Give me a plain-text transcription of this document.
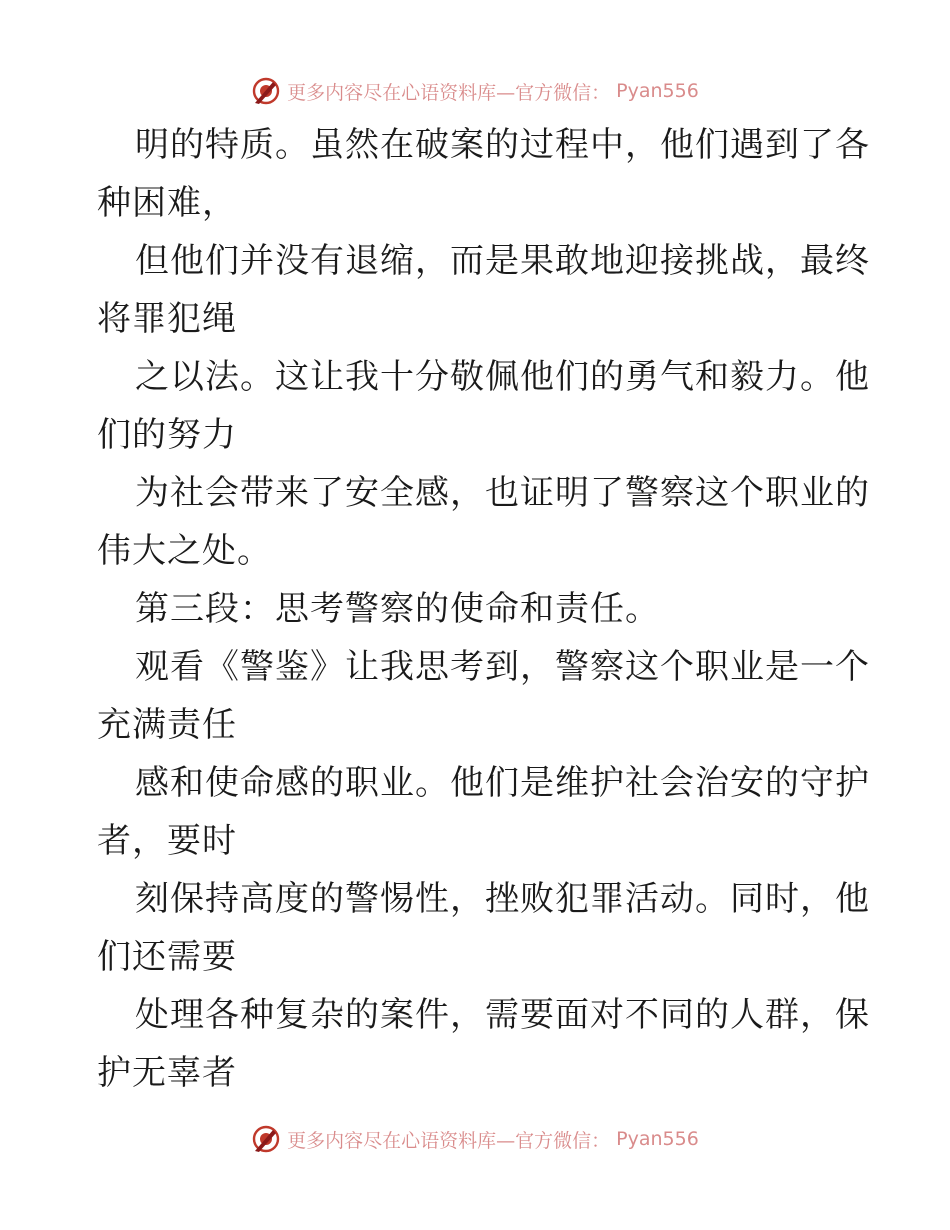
更多内容尽在心语资料库—官方微信： Pyan556
明的特质。虽然在破案的过程中，他们遇到了各
种困难，
但他们并没有退缩，而是果敢地迎接挑战，最终
将罪犯绳
之以法。这让我十分敬佩他们的勇气和毅力。他
们的努力
为社会带来了安全感，也证明了警察这个职业的
伟大之处。
第三段：思考警察的使命和责任。
观看《警鉴》让我思考到，警察这个职业是一个
充满责任
感和使命感的职业。他们是维护社会治安的守护
者，要时
刻保持高度的警惕性，挫败犯罪活动。同时，他
们还需要
处理各种复杂的案件，需要面对不同的人群，保
护无辜者
更多内容尽在心语资料库—官方微信： Pyan556
